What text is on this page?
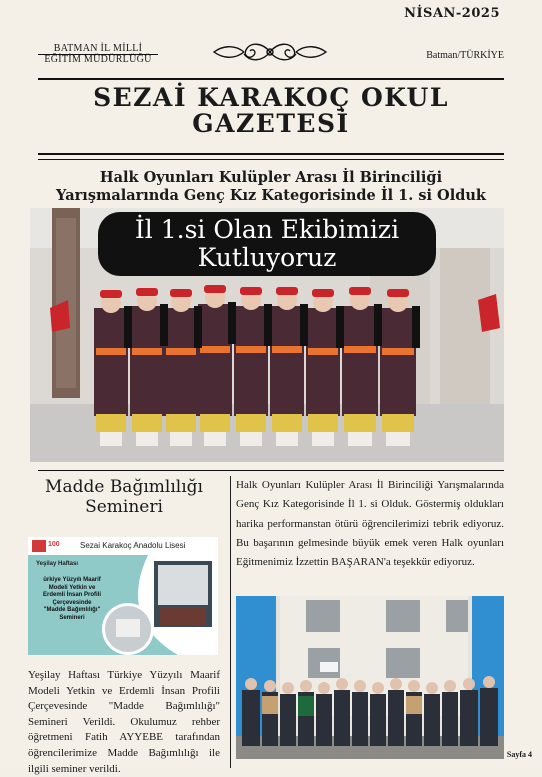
NİSAN-2025
BATMAN İL MİLLİ
EĞİTİM MÜDÜRLÜĞÜ	Batman/TÜRKİYE
SEZAİ KARAKOÇ OKUL
GAZETESİ
Halk Oyunları Kulüpler Arası İl Birinciliği
Yarışmalarında Genç Kız Kategorisinde İl 1. si Olduk
İl 1.si Olan Ekibimizi
Kutluyoruz
Madde Bağımlılığı
Semineri
100	Sezai Karakoç Anadolu Lisesi
Yeşilay Haftası
ürkiye Yüzyılı Maarif
Modeli Yetkin ve
Erdemli İnsan Profili
Çerçevesinde
"Madde Bağımlılığı"
Semineri
Yeşilay Haftası Türkiye Yüzyılı Maarif Modeli Yetkin ve Erdemli İnsan Profili Çerçevesinde "Madde Bağımlılığı" Semineri Verildi. Okulumuz rehber öğretmeni Fatih AYYEBE tarafından öğrencilerimize Madde Bağımlılığı ile ilgili seminer verildi.
Halk Oyunları Kulüpler Arası İl Birinciliği Yarışmalarında Genç Kız Kategorisinde İl 1. si Olduk. Göstermiş oldukları harika performanstan ötürü öğrencilerimizi tebrik ediyoruz. Bu başarının gelmesinde büyük emek veren Halk oyunları Eğitmenimiz İzzettin BAŞARAN'a teşekkür ediyoruz.
Sayfa 4
